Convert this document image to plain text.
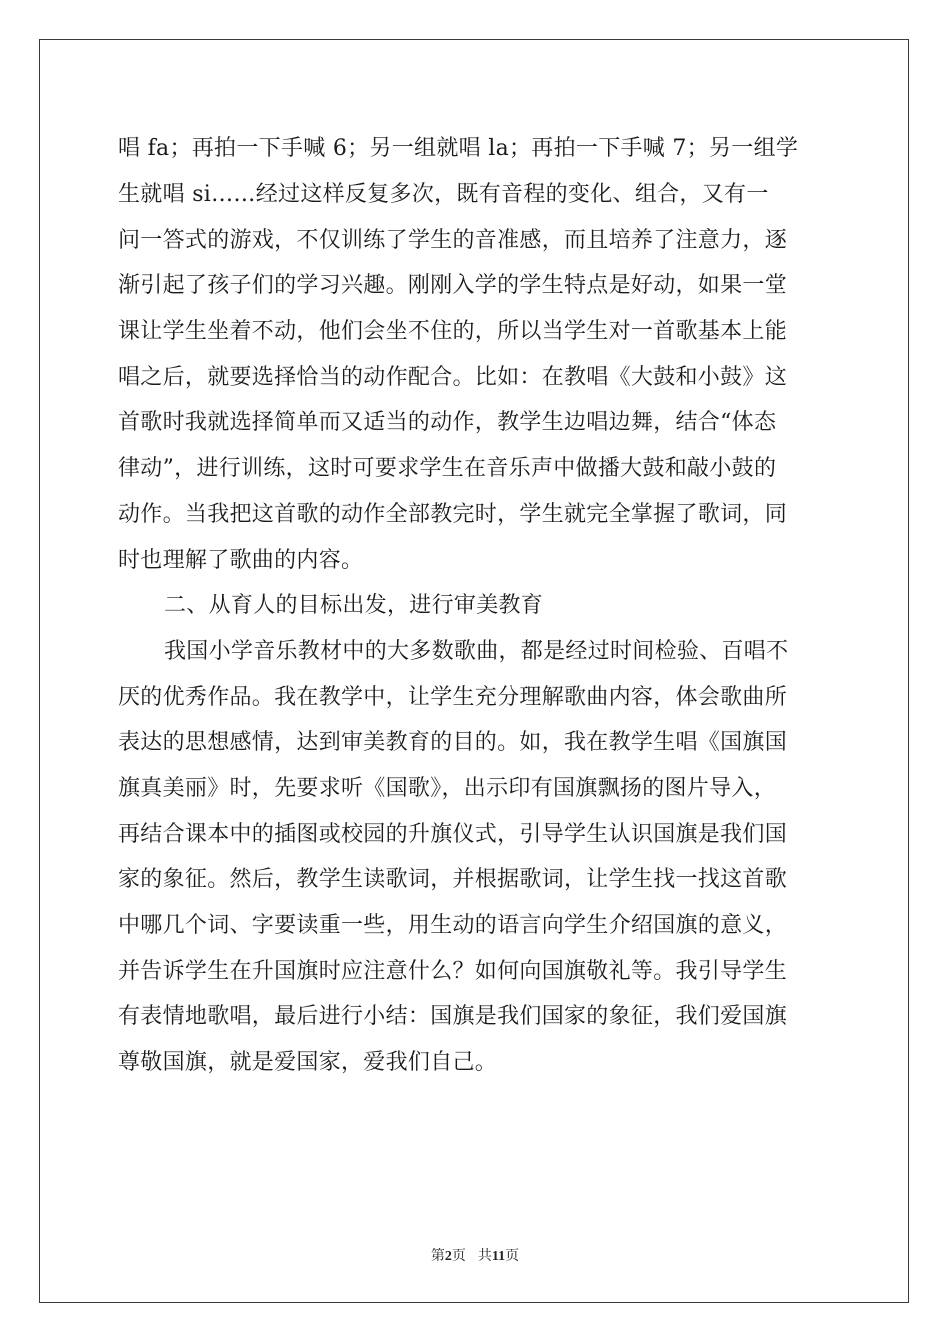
唱 fa；再拍一下手喊 6；另一组就唱 la；再拍一下手喊 7；另一组学
生就唱 si……经过这样反复多次，既有音程的变化、组合，又有一
问一答式的游戏，不仅训练了学生的音准感，而且培养了注意力，逐
渐引起了孩子们的学习兴趣。刚刚入学的学生特点是好动，如果一堂
课让学生坐着不动，他们会坐不住的，所以当学生对一首歌基本上能
唱之后，就要选择恰当的动作配合。比如：在教唱《大鼓和小鼓》这
首歌时我就选择简单而又适当的动作，教学生边唱边舞，结合“体态
律动”，进行训练，这时可要求学生在音乐声中做播大鼓和敲小鼓的
动作。当我把这首歌的动作全部教完时，学生就完全掌握了歌词，同
时也理解了歌曲的内容。
二、从育人的目标出发，进行审美教育
我国小学音乐教材中的大多数歌曲，都是经过时间检验、百唱不
厌的优秀作品。我在教学中，让学生充分理解歌曲内容，体会歌曲所
表达的思想感情，达到审美教育的目的。如，我在教学生唱《国旗国
旗真美丽》时，先要求听《国歌》，出示印有国旗飘扬的图片导入，
再结合课本中的插图或校园的升旗仪式，引导学生认识国旗是我们国
家的象征。然后，教学生读歌词，并根据歌词，让学生找一找这首歌
中哪几个词、字要读重一些，用生动的语言向学生介绍国旗的意义，
并告诉学生在升国旗时应注意什么？如何向国旗敬礼等。我引导学生
有表情地歌唱，最后进行小结：国旗是我们国家的象征，我们爱国旗
尊敬国旗，就是爱国家，爱我们自己。
第2页 共11页
